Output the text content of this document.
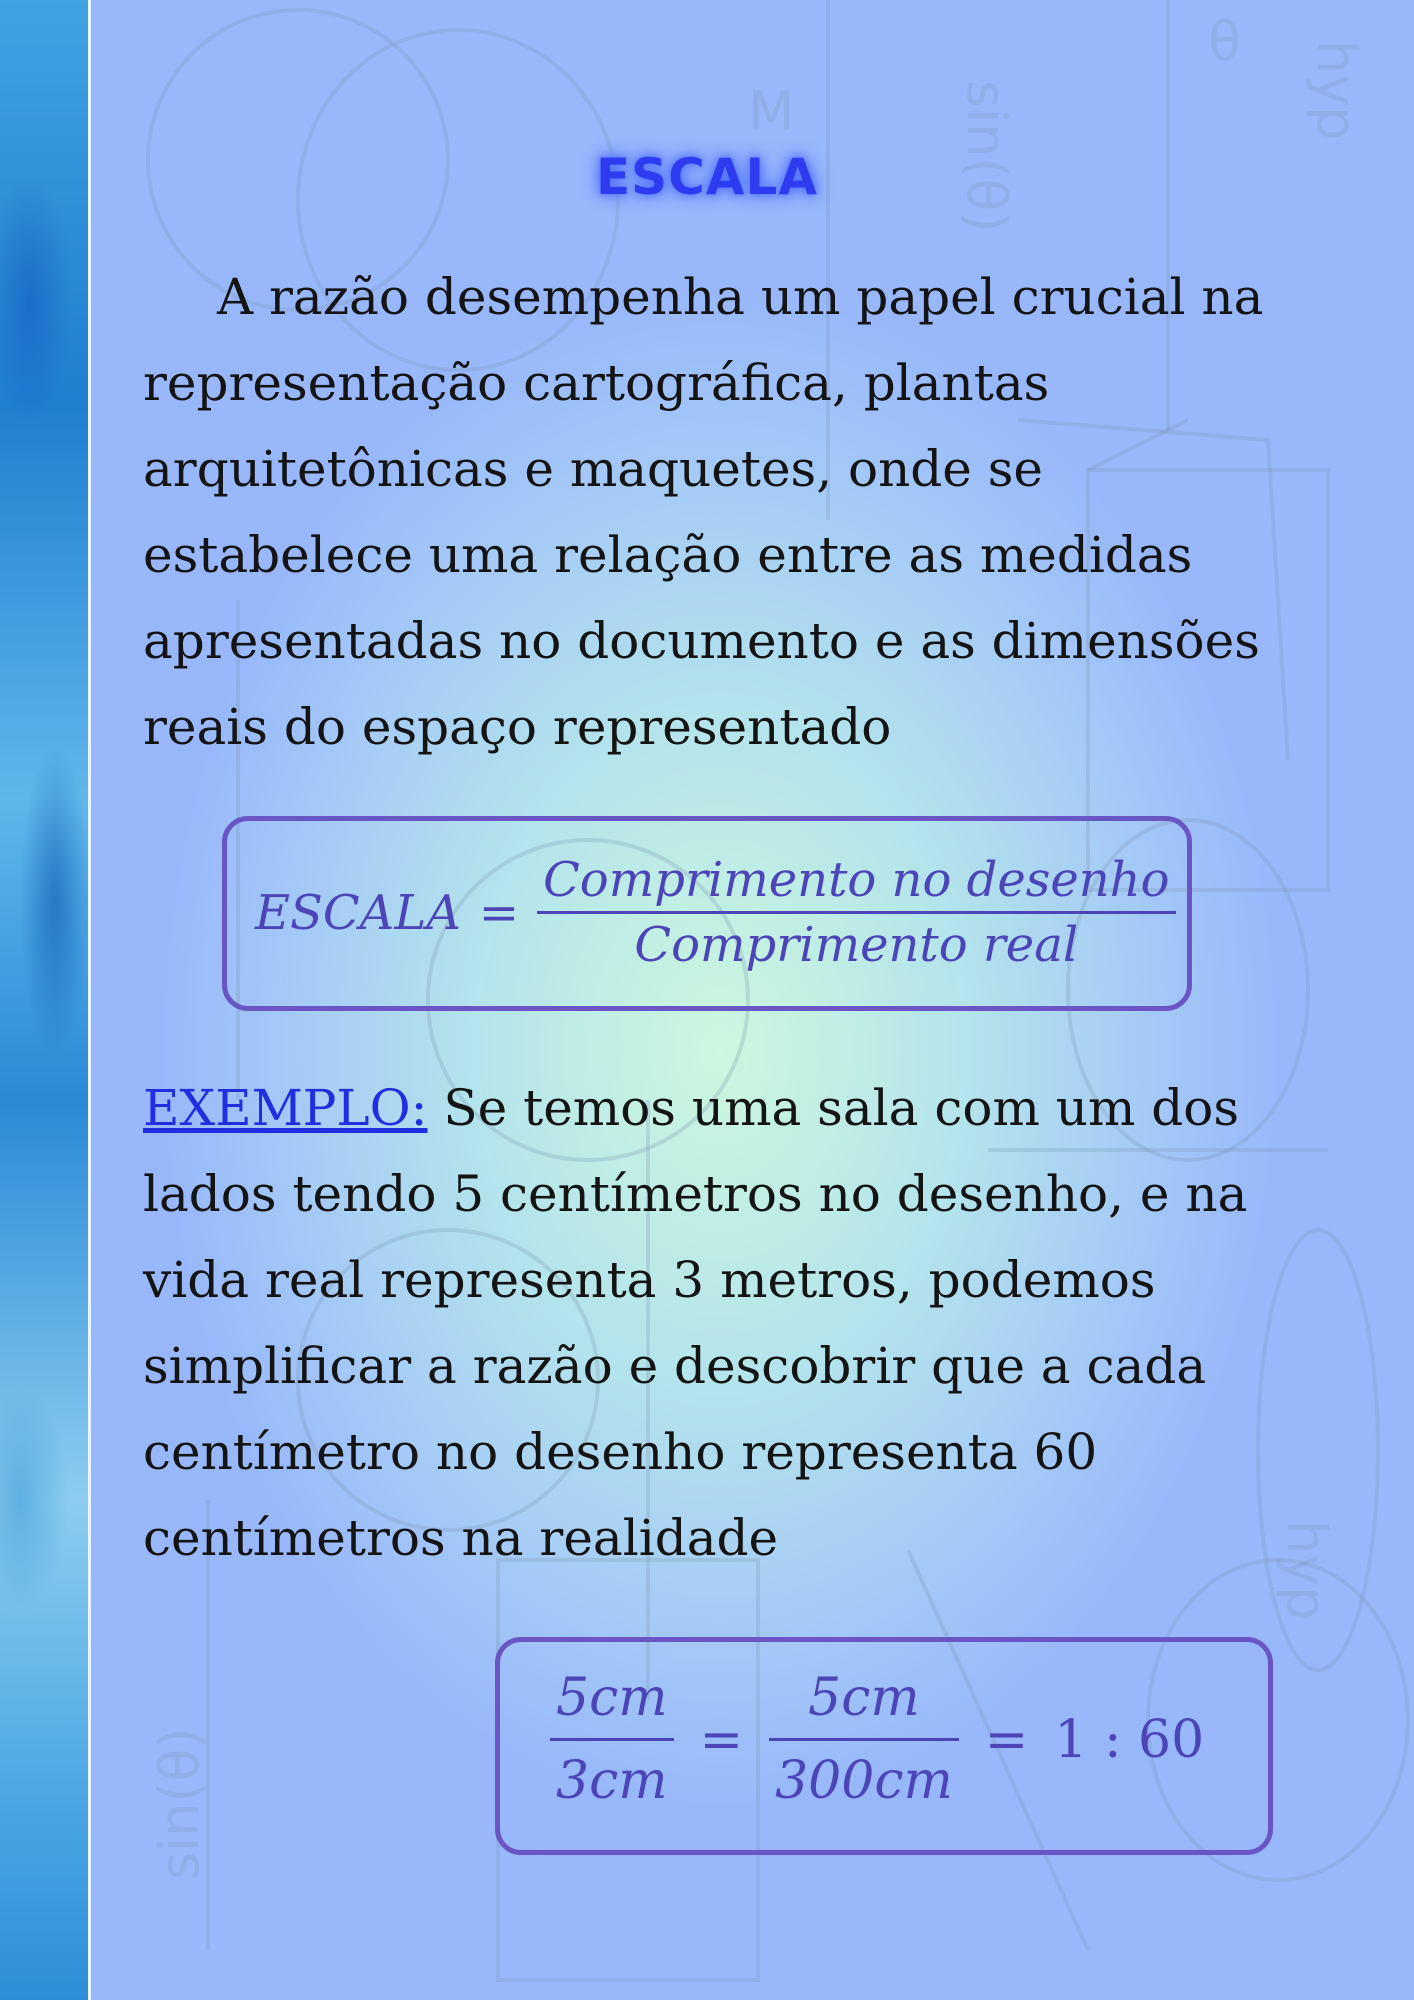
sin(θ)	hyp
M
sin(θ)
hyp
θ
ESCALA

A razão desempenha um papel crucial na representação cartográfica, plantas arquitetônicas e maquetes, onde se estabelece uma relação entre as medidas apresentadas no documento e as dimensões reais do espaço representado

ESCALA = $\frac{\text{Comprimento no desenho}}{\text{Comprimento real}}$

EXEMPLO: Se temos uma sala com um dos lados tendo 5 centímetros no desenho, e na vida real representa 3 metros, podemos simplificar a razão e descobrir que a cada centímetro no desenho representa 60 centímetros na realidade

$\frac{5cm}{3cm} = \frac{5cm}{300cm} = 1$ : 60
